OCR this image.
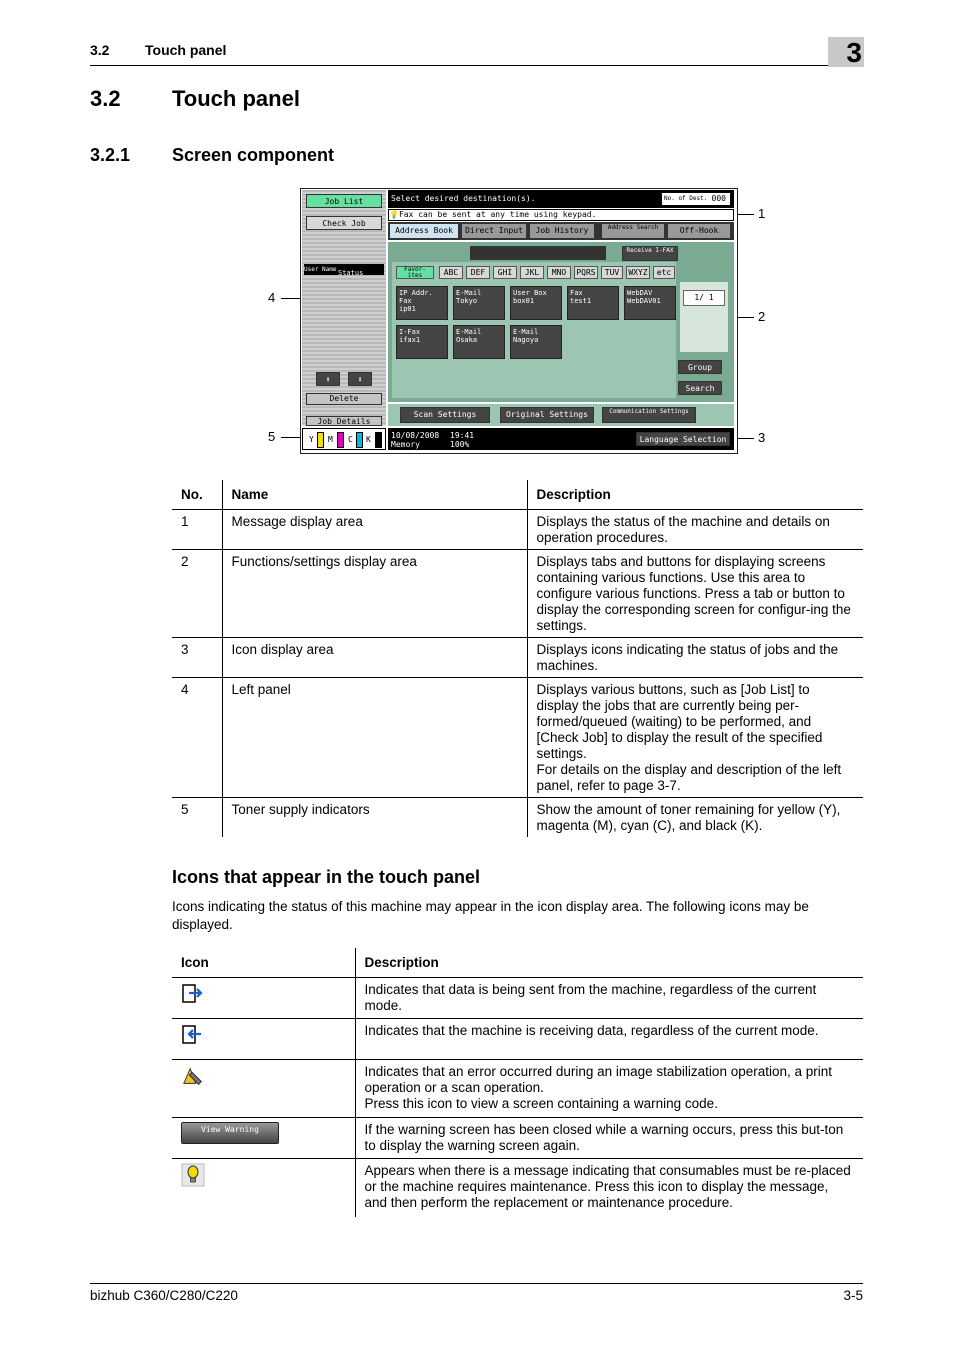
3.2	Touch panel	3
3.2 Touch panel
3.2.1 Screen component
Job List
Check Job
User NameStatus
⬆	⬇
Delete
Job Details
Select desired destination(s).	No. of Dest. 000
💡Fax can be sent at any time using keypad.
Address Book	Direct Input	Job History	Address Search	Off-Hook
Receive I-FAX
Favor-ites	ABC	DEF	GHI	JKL	MNO	PQRS	TUV	WXYZ	etc
IP Addr. Fax
ip01
E-Mail
Tokyo
User Box
box01
Fax
test1
WebDAV
WebDAV01
I-Fax
ifax1
E-Mail
Osaka
E-Mail
Nagoya
1/ 1
Group
Search
Scan Settings	Original Settings	Communication Settings
10/08/2008 19:41
Memory	100%
Language Selection
Y M C K
1
2
3
4
5
No.	Name	Description
1	Message display area	Displays the status of the machine and details on operation procedures.
2	Functions/settings display area	Displays tabs and buttons for displaying screens containing various functions. Use this area to configure various functions. Press a tab or button to display the corresponding screen for configur-ing the settings.
3	Icon display area	Displays icons indicating the status of jobs and the machines.
4	Left panel	Displays various buttons, such as [Job List] to display the jobs that are currently being per-formed/queued (waiting) to be performed, and [Check Job] to display the result of the specified settings.
For details on the display and description of the left panel, refer to page 3-7.
5	Toner supply indicators	Show the amount of toner remaining for yellow (Y), magenta (M), cyan (C), and black (K).
Icons that appear in the touch panel
Icons indicating the status of this machine may appear in the icon display area. The following icons may be displayed.
Icon	Description

	Indicates that data is being sent from the machine, regardless of the current mode.

	Indicates that the machine is receiving data, regardless of the current mode.

	Indicates that an error occurred during an image stabilization operation, a print operation or a scan operation.
Press this icon to view a screen containing a warning code.

View Warning	If the warning screen has been closed while a warning occurs, press this but-ton to display the warning screen again.

	Appears when there is a message indicating that consumables must be re-placed or the machine requires maintenance. Press this icon to display the message, and then perform the replacement or maintenance procedure.
bizhub C360/C280/C220	3-5
